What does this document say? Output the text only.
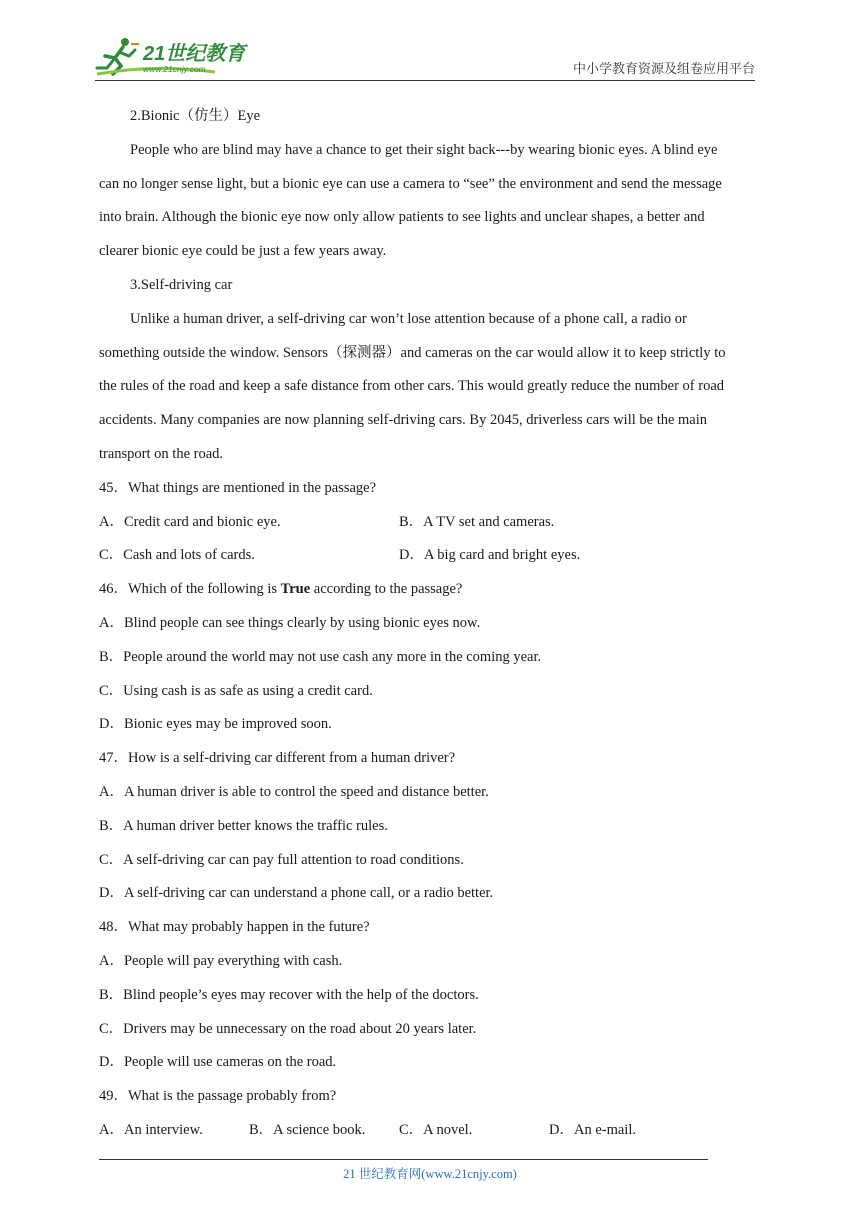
21世纪教育
www.21cnjy.com	中小学教育资源及组卷应用平台
2.Bionic（仿生）Eye
People who are blind may have a chance to get their sight back---by wearing bionic eyes. A blind eye
can no longer sense light, but a bionic eye can use a camera to “see” the environment and send the message
into brain. Although the bionic eye now only allow patients to see lights and unclear shapes, a better and
clearer bionic eye could be just a few years away.
3.Self-driving car
Unlike a human driver, a self-driving car won’t lose attention because of a phone call, a radio or
something outside the window. Sensors（探测器）and cameras on the car would allow it to keep strictly to
the rules of the road and keep a safe distance from other cars. This would greatly reduce the number of road
accidents. Many companies are now planning self-driving cars. By 2045, driverless cars will be the main
transport on the road.
45．What things are mentioned in the passage?
A．Credit card and bionic eye.	B．A TV set and cameras.
C．Cash and lots of cards.	D．A big card and bright eyes.
46．Which of the following is True according to the passage?
A．Blind people can see things clearly by using bionic eyes now.
B．People around the world may not use cash any more in the coming year.
C．Using cash is as safe as using a credit card.
D．Bionic eyes may be improved soon.
47．How is a self-driving car different from a human driver?
A．A human driver is able to control the speed and distance better.
B．A human driver better knows the traffic rules.
C．A self-driving car can pay full attention to road conditions.
D．A self-driving car can understand a phone call, or a radio better.
48．What may probably happen in the future?
A．People will pay everything with cash.
B．Blind people’s eyes may recover with the help of the doctors.
C．Drivers may be unnecessary on the road about 20 years later.
D．People will use cameras on the road.
49．What is the passage probably from?
A．An interview.	B．A science book. C．A novel.	D．An e-mail.
21 世纪教育网(www.21cnjy.com)
